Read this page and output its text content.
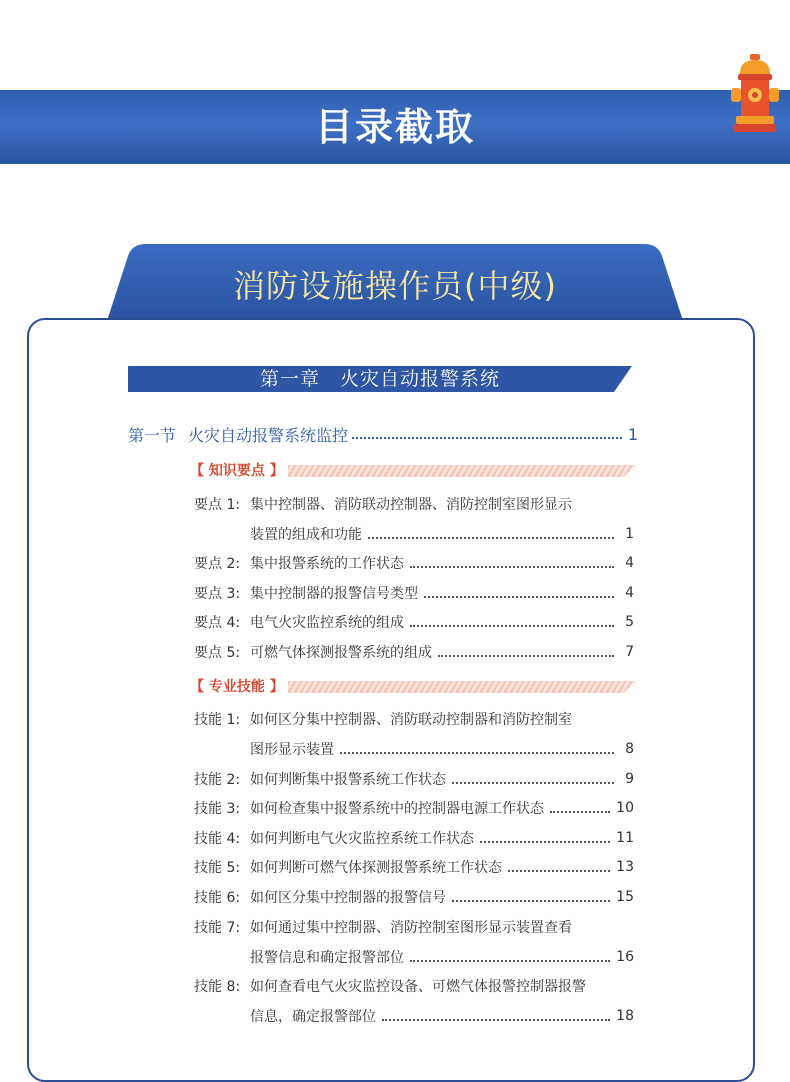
目录截取
消防设施操作员(中级)
第一章　火灾自动报警系统
第一节 火灾自动报警系统监控	1
【 知识要点 】
要点 1: 集中控制器、消防联动控制器、消防控制室图形显示
装置的组成和功能	1
要点 2: 集中报警系统的工作状态	4
要点 3: 集中控制器的报警信号类型	4
要点 4: 电气火灾监控系统的组成	5
要点 5: 可燃气体探测报警系统的组成	7
【 专业技能 】
技能 1: 如何区分集中控制器、消防联动控制器和消防控制室
图形显示装置	8
技能 2: 如何判断集中报警系统工作状态	9
技能 3: 如何检查集中报警系统中的控制器电源工作状态	10
技能 4: 如何判断电气火灾监控系统工作状态	11
技能 5: 如何判断可燃气体探测报警系统工作状态	13
技能 6: 如何区分集中控制器的报警信号	15
技能 7: 如何通过集中控制器、消防控制室图形显示装置查看
报警信息和确定报警部位	16
技能 8: 如何查看电气火灾监控设备、可燃气体报警控制器报警
信息，确定报警部位	18
